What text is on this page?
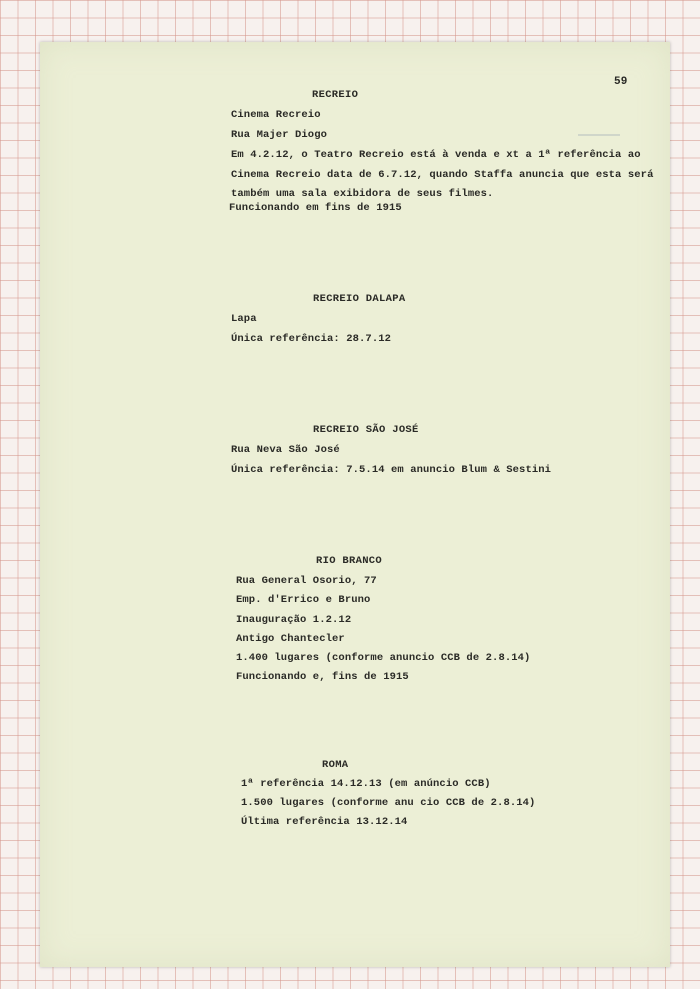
59
RECREIO
Cinema Recreio
Rua Majer Diogo
Em 4.2.12, o Teatro Recreio está à venda e xt a 1ª referência ao
Cinema Recreio data de 6.7.12, quando Staffa anuncia que esta será
também uma sala exibidora de seus filmes.
Funcionando em fins de 1915
RECREIO DALAPA
Lapa
Única referência: 28.7.12
RECREIO SÃO JOSÉ
Rua Neva São José
Única referência: 7.5.14 em anuncio Blum & Sestini
RIO BRANCO
Rua General Osorio, 77
Emp. d'Errico e Bruno
Inauguração 1.2.12
Antigo Chantecler
1.400 lugares (conforme anuncio CCB de 2.8.14)
Funcionando e, fins de 1915
ROMA
1ª referência 14.12.13 (em anúncio CCB)
1.500 lugares (conforme anu cio CCB de 2.8.14)
Última referência 13.12.14
